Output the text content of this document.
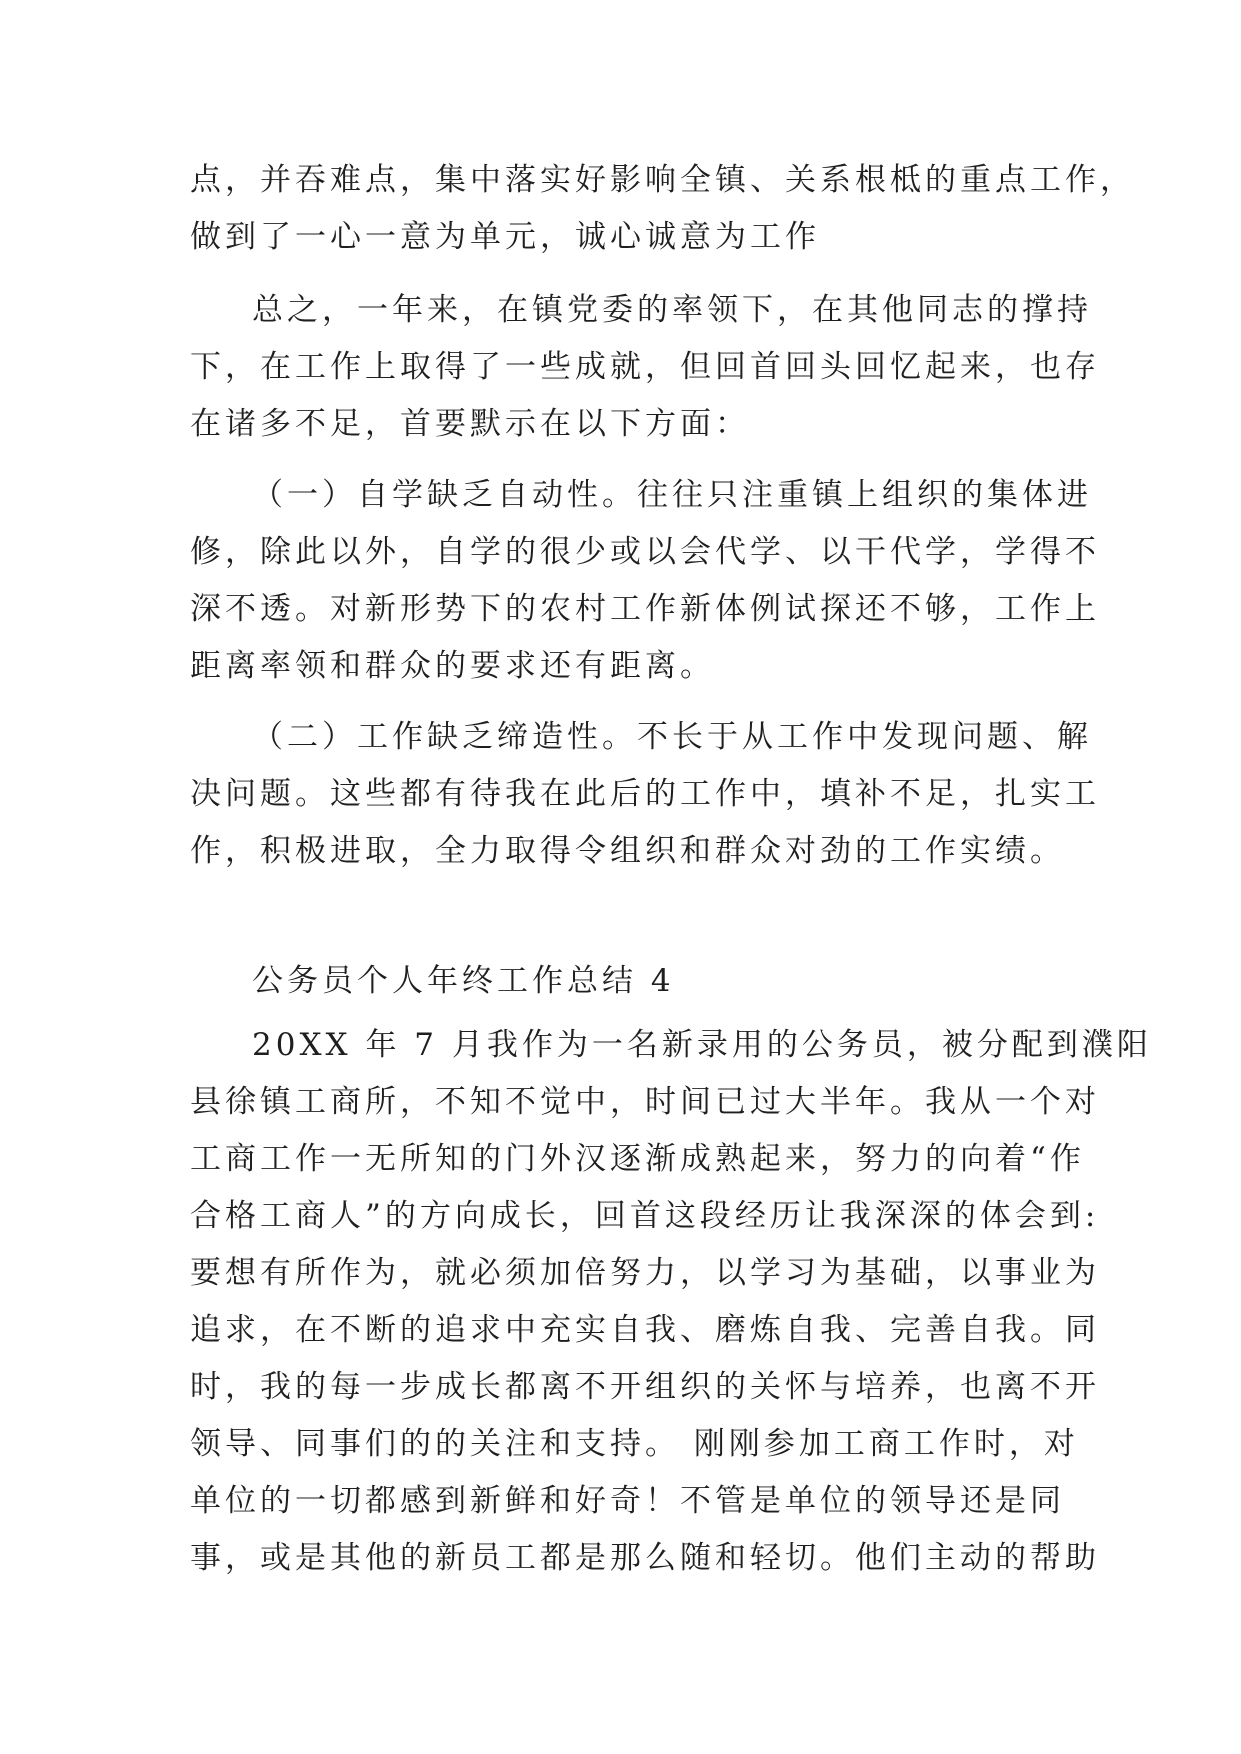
点，并吞难点，集中落实好影响全镇、关系根柢的重点工作，
做到了一心一意为单元，诚心诚意为工作
总之，一年来，在镇党委的率领下，在其他同志的撑持
下，在工作上取得了一些成就，但回首回头回忆起来，也存
在诸多不足，首要默示在以下方面：
（一）自学缺乏自动性。往往只注重镇上组织的集体进
修，除此以外，自学的很少或以会代学、以干代学，学得不
深不透。对新形势下的农村工作新体例试探还不够，工作上
距离率领和群众的要求还有距离。
（二）工作缺乏缔造性。不长于从工作中发现问题、解
决问题。这些都有待我在此后的工作中，填补不足，扎实工
作，积极进取，全力取得令组织和群众对劲的工作实绩。
公务员个人年终工作总结 4
20XX 年 7 月我作为一名新录用的公务员，被分配到濮阳
县徐镇工商所，不知不觉中，时间已过大半年。我从一个对
工商工作一无所知的门外汉逐渐成熟起来，努力的向着“作
合格工商人”的方向成长，回首这段经历让我深深的体会到:
要想有所作为，就必须加倍努力，以学习为基础，以事业为
追求，在不断的追求中充实自我、磨炼自我、完善自我。同
时，我的每一步成长都离不开组织的关怀与培养，也离不开
领导、同事们的的关注和支持。 刚刚参加工商工作时，对
单位的一切都感到新鲜和好奇！不管是单位的领导还是同
事，或是其他的新员工都是那么随和轻切。他们主动的帮助
